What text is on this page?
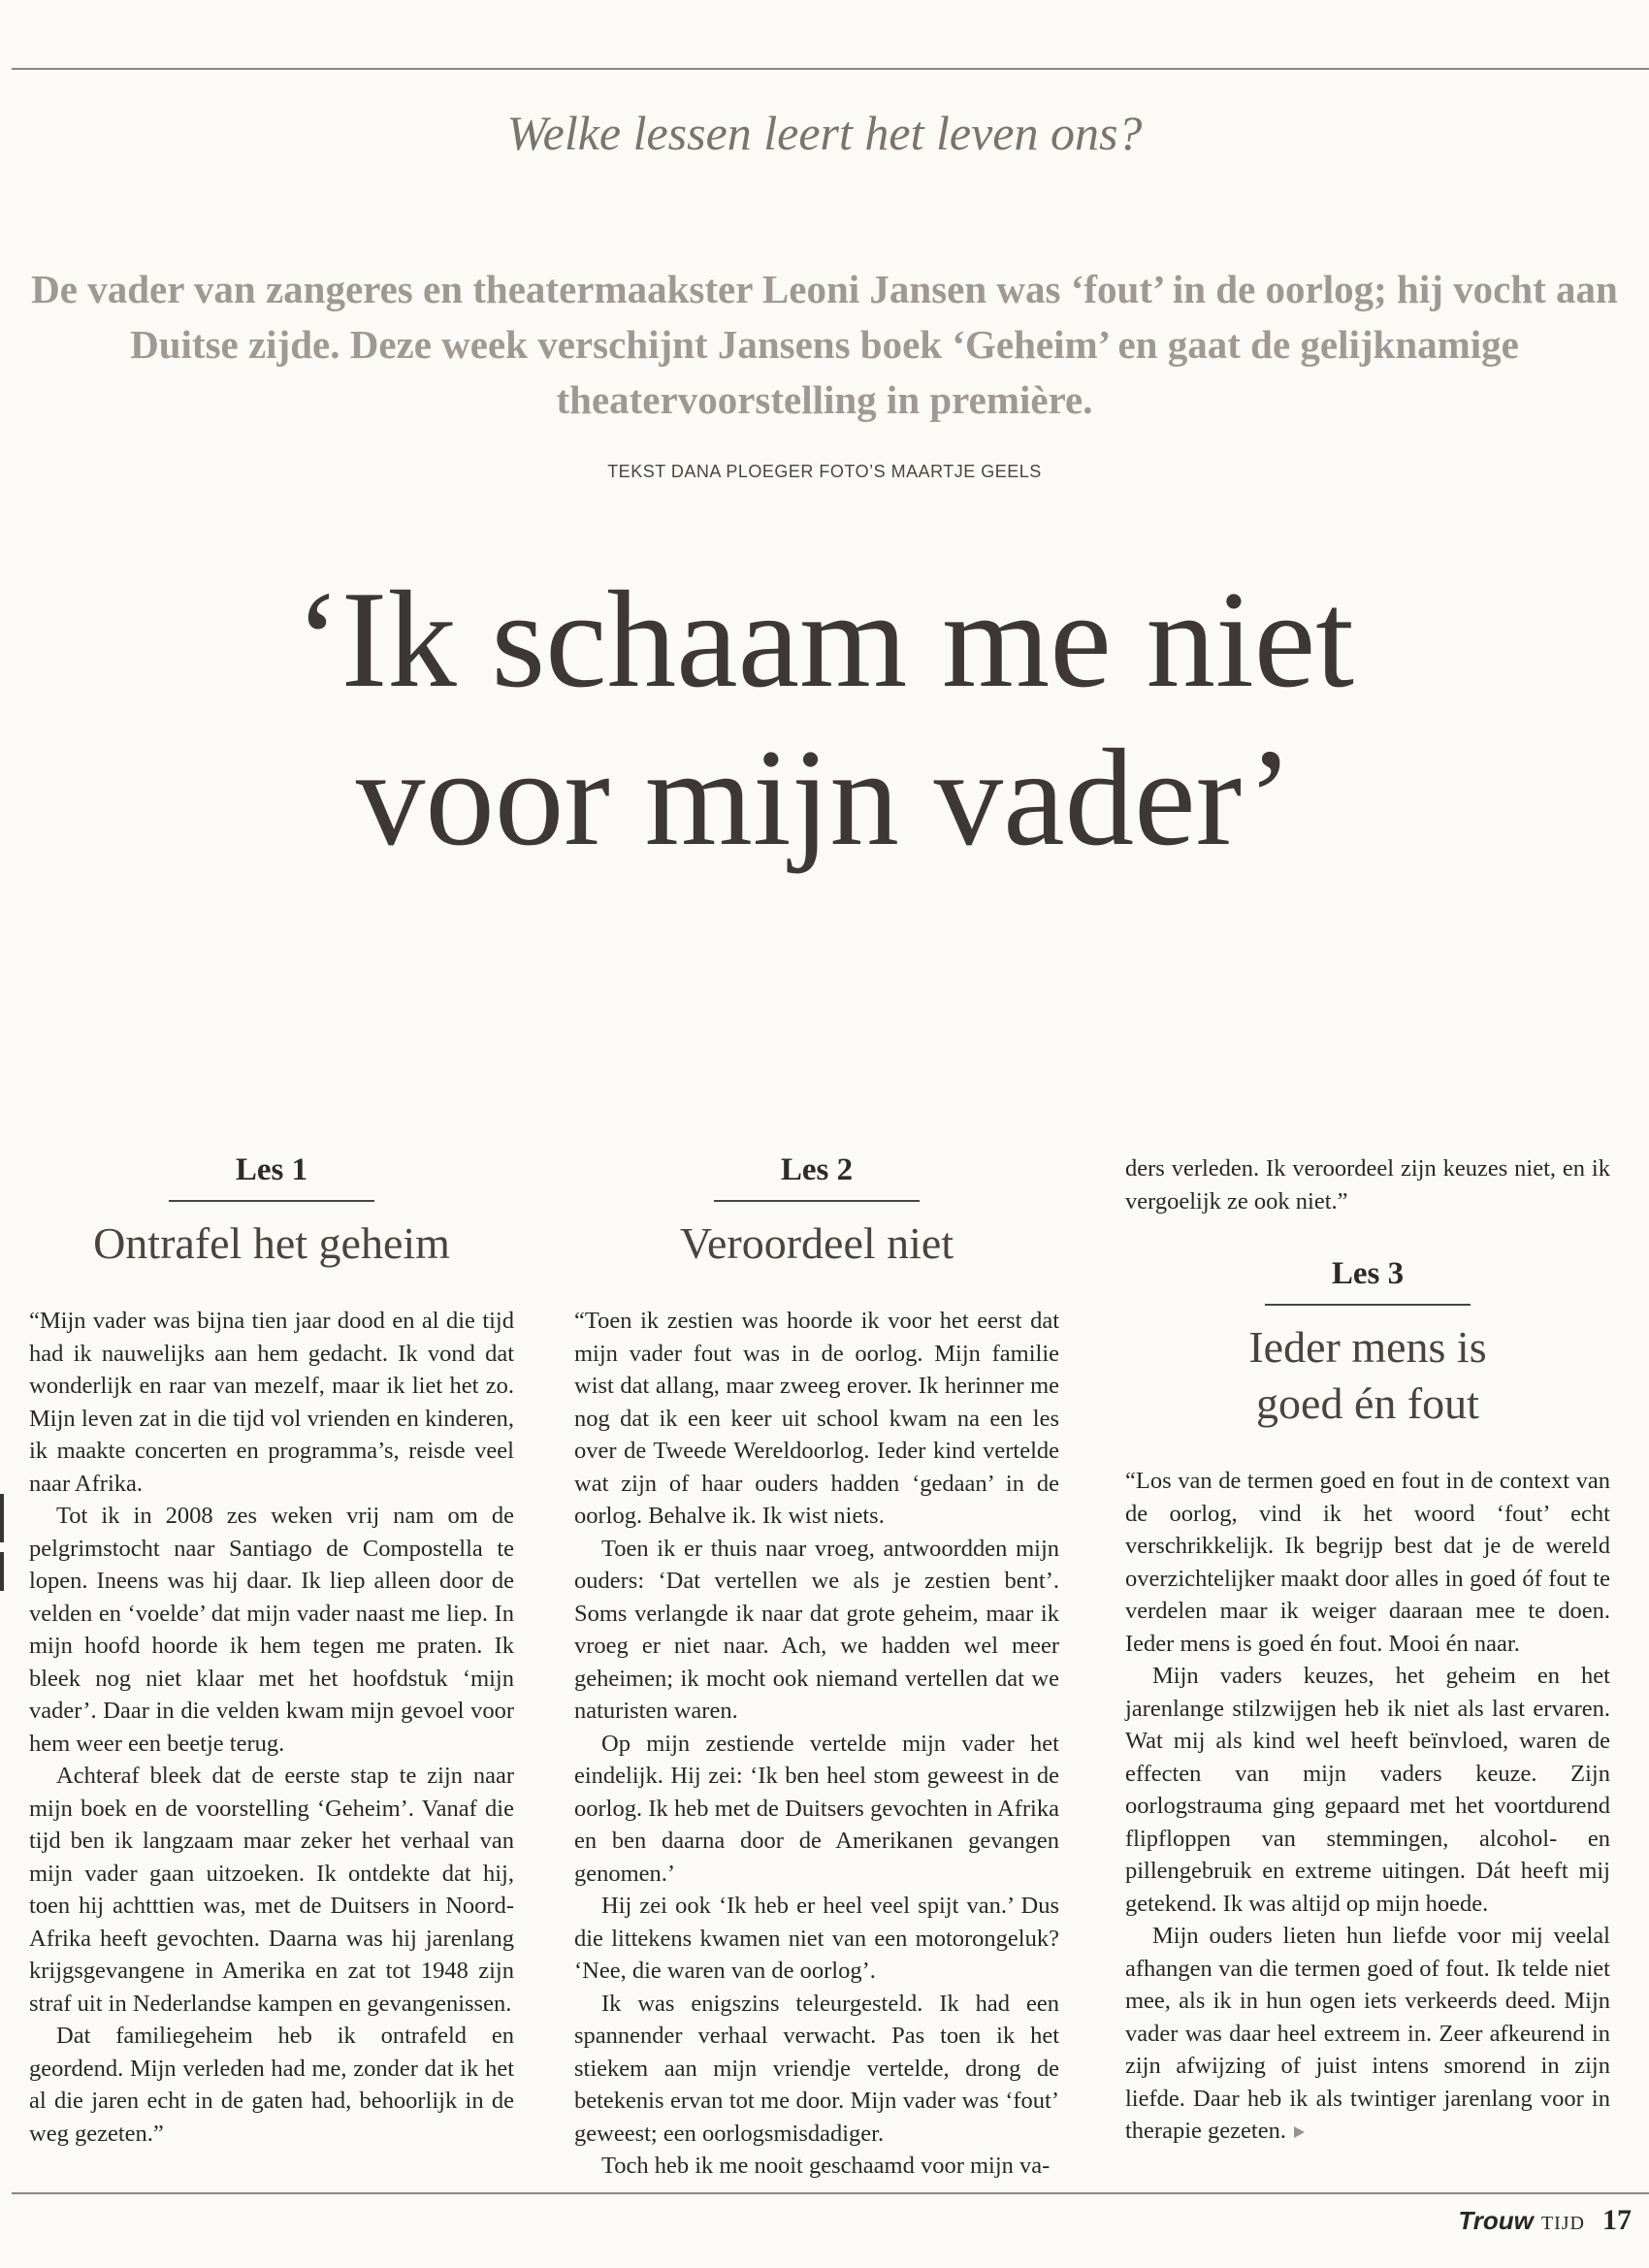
Welke lessen leert het leven ons?
De vader van zangeres en theatermaakster Leoni Jansen was ‘fout’ in de oorlog; hij vocht aan Duitse zijde. Deze week verschijnt Jansens boek ‘Geheim’ en gaat de gelijknamige theatervoorstelling in première.
TEKST DANA PLOEGER FOTO’S MAARTJE GEELS
‘Ik schaam me niet
voor mijn vader’
Les 1
Ontrafel het geheim

“Mijn vader was bijna tien jaar dood en al die tijd had ik nauwelijks aan hem gedacht. Ik vond dat wonderlijk en raar van mezelf, maar ik liet het zo. Mijn leven zat in die tijd vol vrienden en kinderen, ik maakte concerten en programma’s, reisde veel naar Afrika.

Tot ik in 2008 zes weken vrij nam om de pelgrimstocht naar Santiago de Compostella te lopen. Ineens was hij daar. Ik liep alleen door de velden en ‘voelde’ dat mijn vader naast me liep. In mijn hoofd hoorde ik hem tegen me praten. Ik bleek nog niet klaar met het hoofdstuk ‘mijn vader’. Daar in die velden kwam mijn gevoel voor hem weer een beetje terug.

Achteraf bleek dat de eerste stap te zijn naar mijn boek en de voorstelling ‘Geheim’. Vanaf die tijd ben ik langzaam maar zeker het verhaal van mijn vader gaan uitzoeken. Ik ontdekte dat hij, toen hij achtttien was, met de Duitsers in Noord-Afrika heeft gevochten. Daarna was hij jarenlang krijgsgevangene in Amerika en zat tot 1948 zijn straf uit in Nederlandse kampen en gevangenissen.

Dat familiegeheim heb ik ontrafeld en geordend. Mijn verleden had me, zonder dat ik het al die jaren echt in de gaten had, behoorlijk in de weg gezeten.”

Les 2
Veroordeel niet

“Toen ik zestien was hoorde ik voor het eerst dat mijn vader fout was in de oorlog. Mijn familie wist dat allang, maar zweeg erover. Ik herinner me nog dat ik een keer uit school kwam na een les over de Tweede Wereldoorlog. Ieder kind vertelde wat zijn of haar ouders hadden ‘gedaan’ in de oorlog. Behalve ik. Ik wist niets.

Toen ik er thuis naar vroeg, antwoordden mijn ouders: ‘Dat vertellen we als je zestien bent’. Soms verlangde ik naar dat grote geheim, maar ik vroeg er niet naar. Ach, we hadden wel meer geheimen; ik mocht ook niemand vertellen dat we naturisten waren.

Op mijn zestiende vertelde mijn vader het eindelijk. Hij zei: ‘Ik ben heel stom geweest in de oorlog. Ik heb met de Duitsers gevochten in Afrika en ben daarna door de Amerikanen gevangen genomen.’

Hij zei ook ‘Ik heb er heel veel spijt van.’ Dus die littekens kwamen niet van een motorongeluk? ‘Nee, die waren van de oorlog’.

Ik was enigszins teleurgesteld. Ik had een spannender verhaal verwacht. Pas toen ik het stiekem aan mijn vriendje vertelde, drong de betekenis ervan tot me door. Mijn vader was ‘fout’ geweest; een oorlogsmisdadiger.

Toch heb ik me nooit geschaamd voor mijn va-

ders verleden. Ik veroordeel zijn keuzes niet, en ik vergoelijk ze ook niet.”

Les 3
Ieder mens is
goed én fout

“Los van de termen goed en fout in de context van de oorlog, vind ik het woord ‘fout’ echt verschrikkelijk. Ik begrijp best dat je de wereld overzichtelijker maakt door alles in goed óf fout te verdelen maar ik weiger daaraan mee te doen. Ieder mens is goed én fout. Mooi én naar.

Mijn vaders keuzes, het geheim en het jarenlange stilzwijgen heb ik niet als last ervaren. Wat mij als kind wel heeft beïnvloed, waren de effecten van mijn vaders keuze. Zijn oorlogstrauma ging gepaard met het voortdurend flipfloppen van stemmingen, alcohol- en pillengebruik en extreme uitingen. Dát heeft mij getekend. Ik was altijd op mijn hoede.

Mijn ouders lieten hun liefde voor mij veelal afhangen van die termen goed of fout. Ik telde niet mee, als ik in hun ogen iets verkeerds deed. Mijn vader was daar heel extreem in. Zeer afkeurend in zijn afwijzing of juist intens smorend in zijn liefde. Daar heb ik als twintiger jarenlang voor in therapie gezeten.

Trouw TIJD 17
